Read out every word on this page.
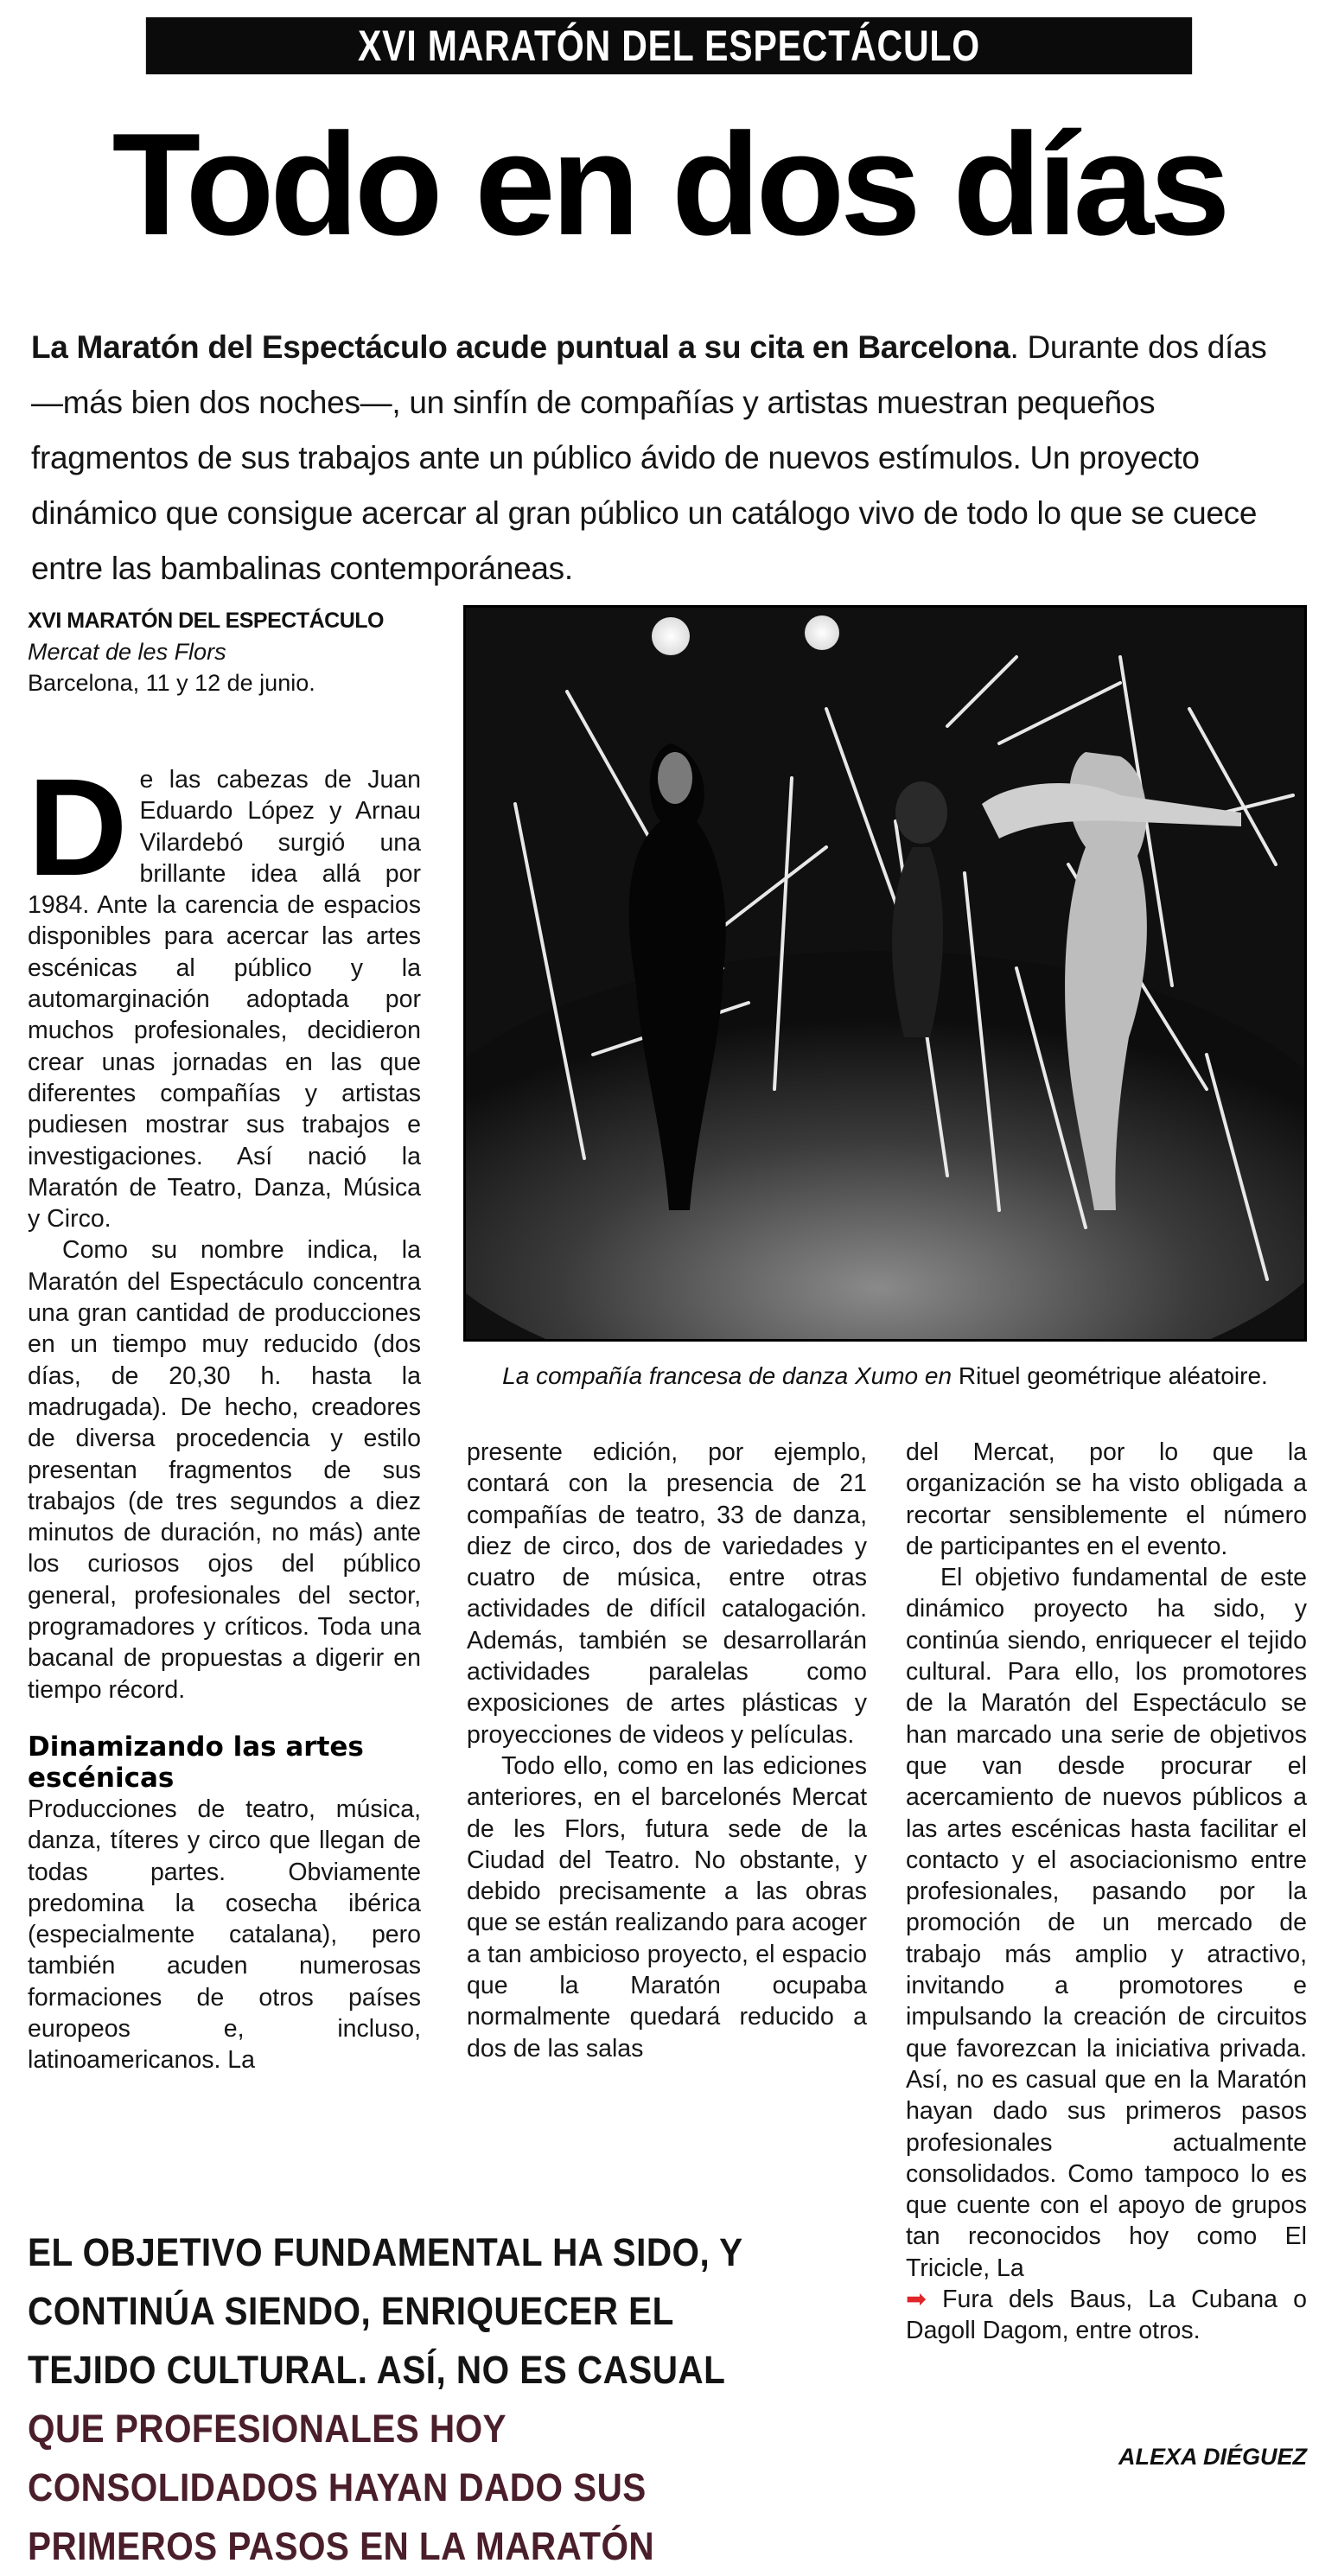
XVI MARATÓN DEL ESPECTÁCULO
Todo en dos días
La Maratón del Espectáculo acude puntual a su cita en Barcelona. Durante dos días —más bien dos noches—, un sinfín de compañías y artistas muestran pequeños fragmentos de sus trabajos ante un público ávido de nuevos estímulos. Un proyecto dinámico que consigue acercar al gran público un catálogo vivo de todo lo que se cuece entre las bambalinas contemporáneas.
XVI MARATÓN DEL ESPECTÁCULO
Mercat de les Flors
Barcelona, 11 y 12 de junio.
La compañía francesa de danza Xumo en Rituel geométrique aléatoire.

De las cabezas de Juan Eduardo López y Arnau Vilardebó surgió una brillante idea allá por 1984. Ante la carencia de espacios disponibles para acercar las artes escénicas al público y la automarginación adoptada por muchos profesionales, decidieron crear unas jornadas en las que diferentes compañías y artistas pudiesen mostrar sus trabajos e investigaciones. Así nació la Maratón de Teatro, Danza, Música y Circo.

Como su nombre indica, la Maratón del Espectáculo concentra una gran cantidad de producciones en un tiempo muy reducido (dos días, de 20,30 h. hasta la madrugada). De hecho, creadores de diversa procedencia y estilo presentan fragmentos de sus trabajos (de tres segundos a diez minutos de duración, no más) ante los curiosos ojos del público general, profesionales del sector, programadores y críticos. Toda una bacanal de propuestas a digerir en tiempo récord.

Dinamizando las artes escénicas

Producciones de teatro, música, danza, títeres y circo que llegan de todas partes. Obviamente predomina la cosecha ibérica (especialmente catalana), pero también acuden numerosas formaciones de otros países europeos e, incluso, latinoamericanos. La

presente edición, por ejemplo, contará con la presencia de 21 compañías de teatro, 33 de danza, diez de circo, dos de variedades y cuatro de música, entre otras actividades de difícil catalogación. Además, también se desarrollarán actividades paralelas como exposiciones de artes plásticas y proyecciones de videos y películas.

Todo ello, como en las ediciones anteriores, en el barcelonés Mercat de les Flors, futura sede de la Ciudad del Teatro. No obstante, y debido precisamente a las obras que se están realizando para acoger a tan ambicioso proyecto, el espacio que la Maratón ocupaba normalmente quedará reducido a dos de las salas

del Mercat, por lo que la organización se ha visto obligada a recortar sensiblemente el número de participantes en el evento.

El objetivo fundamental de este dinámico proyecto ha sido, y continúa siendo, enriquecer el tejido cultural. Para ello, los promotores de la Maratón del Espectáculo se han marcado una serie de objetivos que van desde procurar el acercamiento de nuevos públicos a las artes escénicas hasta facilitar el contacto y el asociacionismo entre profesionales, pasando por la promoción de un mercado de trabajo más amplio y atractivo, invitando a promotores e impulsando la creación de circuitos que favorezcan la iniciativa privada. Así, no es casual que en la Maratón hayan dado sus primeros pasos profesionales actualmente consolidados. Como tampoco lo es que cuente con el apoyo de grupos tan reconocidos hoy como El Tricicle, La

➡ Fura dels Baus, La Cubana o Dagoll Dagom, entre otros.

EL OBJETIVO FUNDAMENTAL HA SIDO, Y CONTINÚA SIENDO, ENRIQUECER EL TEJIDO CULTURAL. ASÍ, NO ES CASUAL QUE PROFESIONALES HOY CONSOLIDADOS HAYAN DADO SUS PRIMEROS PASOS EN LA MARATÓN
ALEXA DIÉGUEZ
